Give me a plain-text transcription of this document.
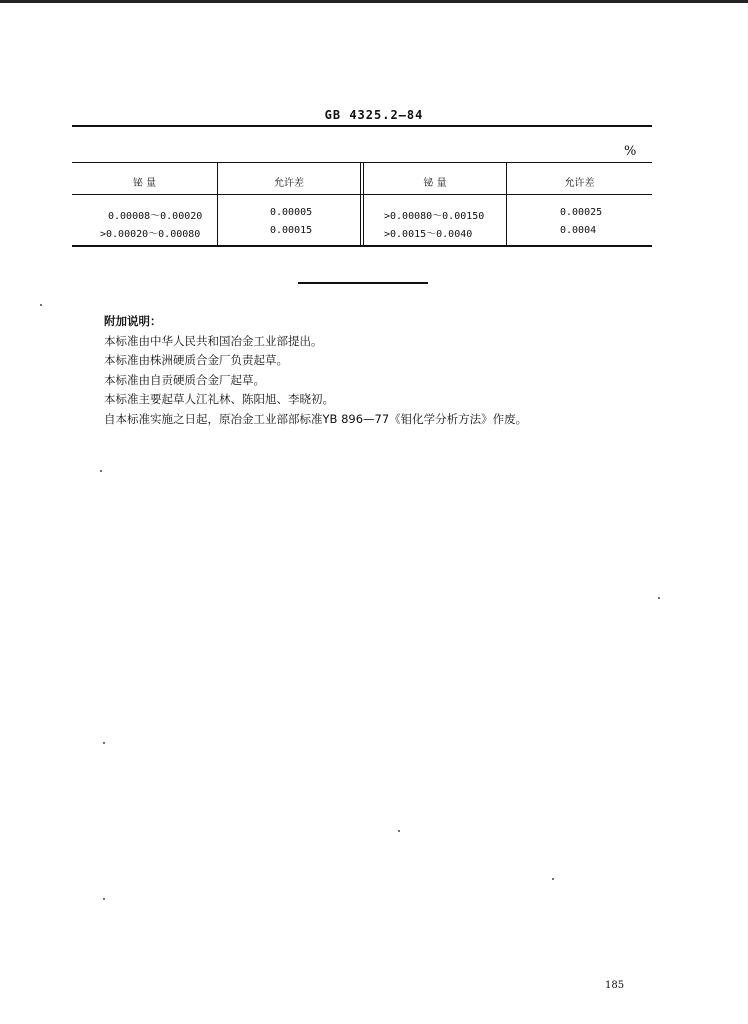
GB 4325.2—84
%
铋 量	允许差	铋 量	允许差
0.00008～0.00020	0.00005	>0.00080～0.00150	0.00025
>0.00020～0.00080	0.00015	>0.0015～0.0040	0.0004

附加说明：

本标准由中华人民共和国冶金工业部提出。

本标准由株洲硬质合金厂负责起草。

本标准由自贡硬质合金厂起草。

本标准主要起草人江礼林、陈阳旭、李晓初。

自本标准实施之日起，原冶金工业部部标准YB 896—77《钼化学分析方法》作废。

185
